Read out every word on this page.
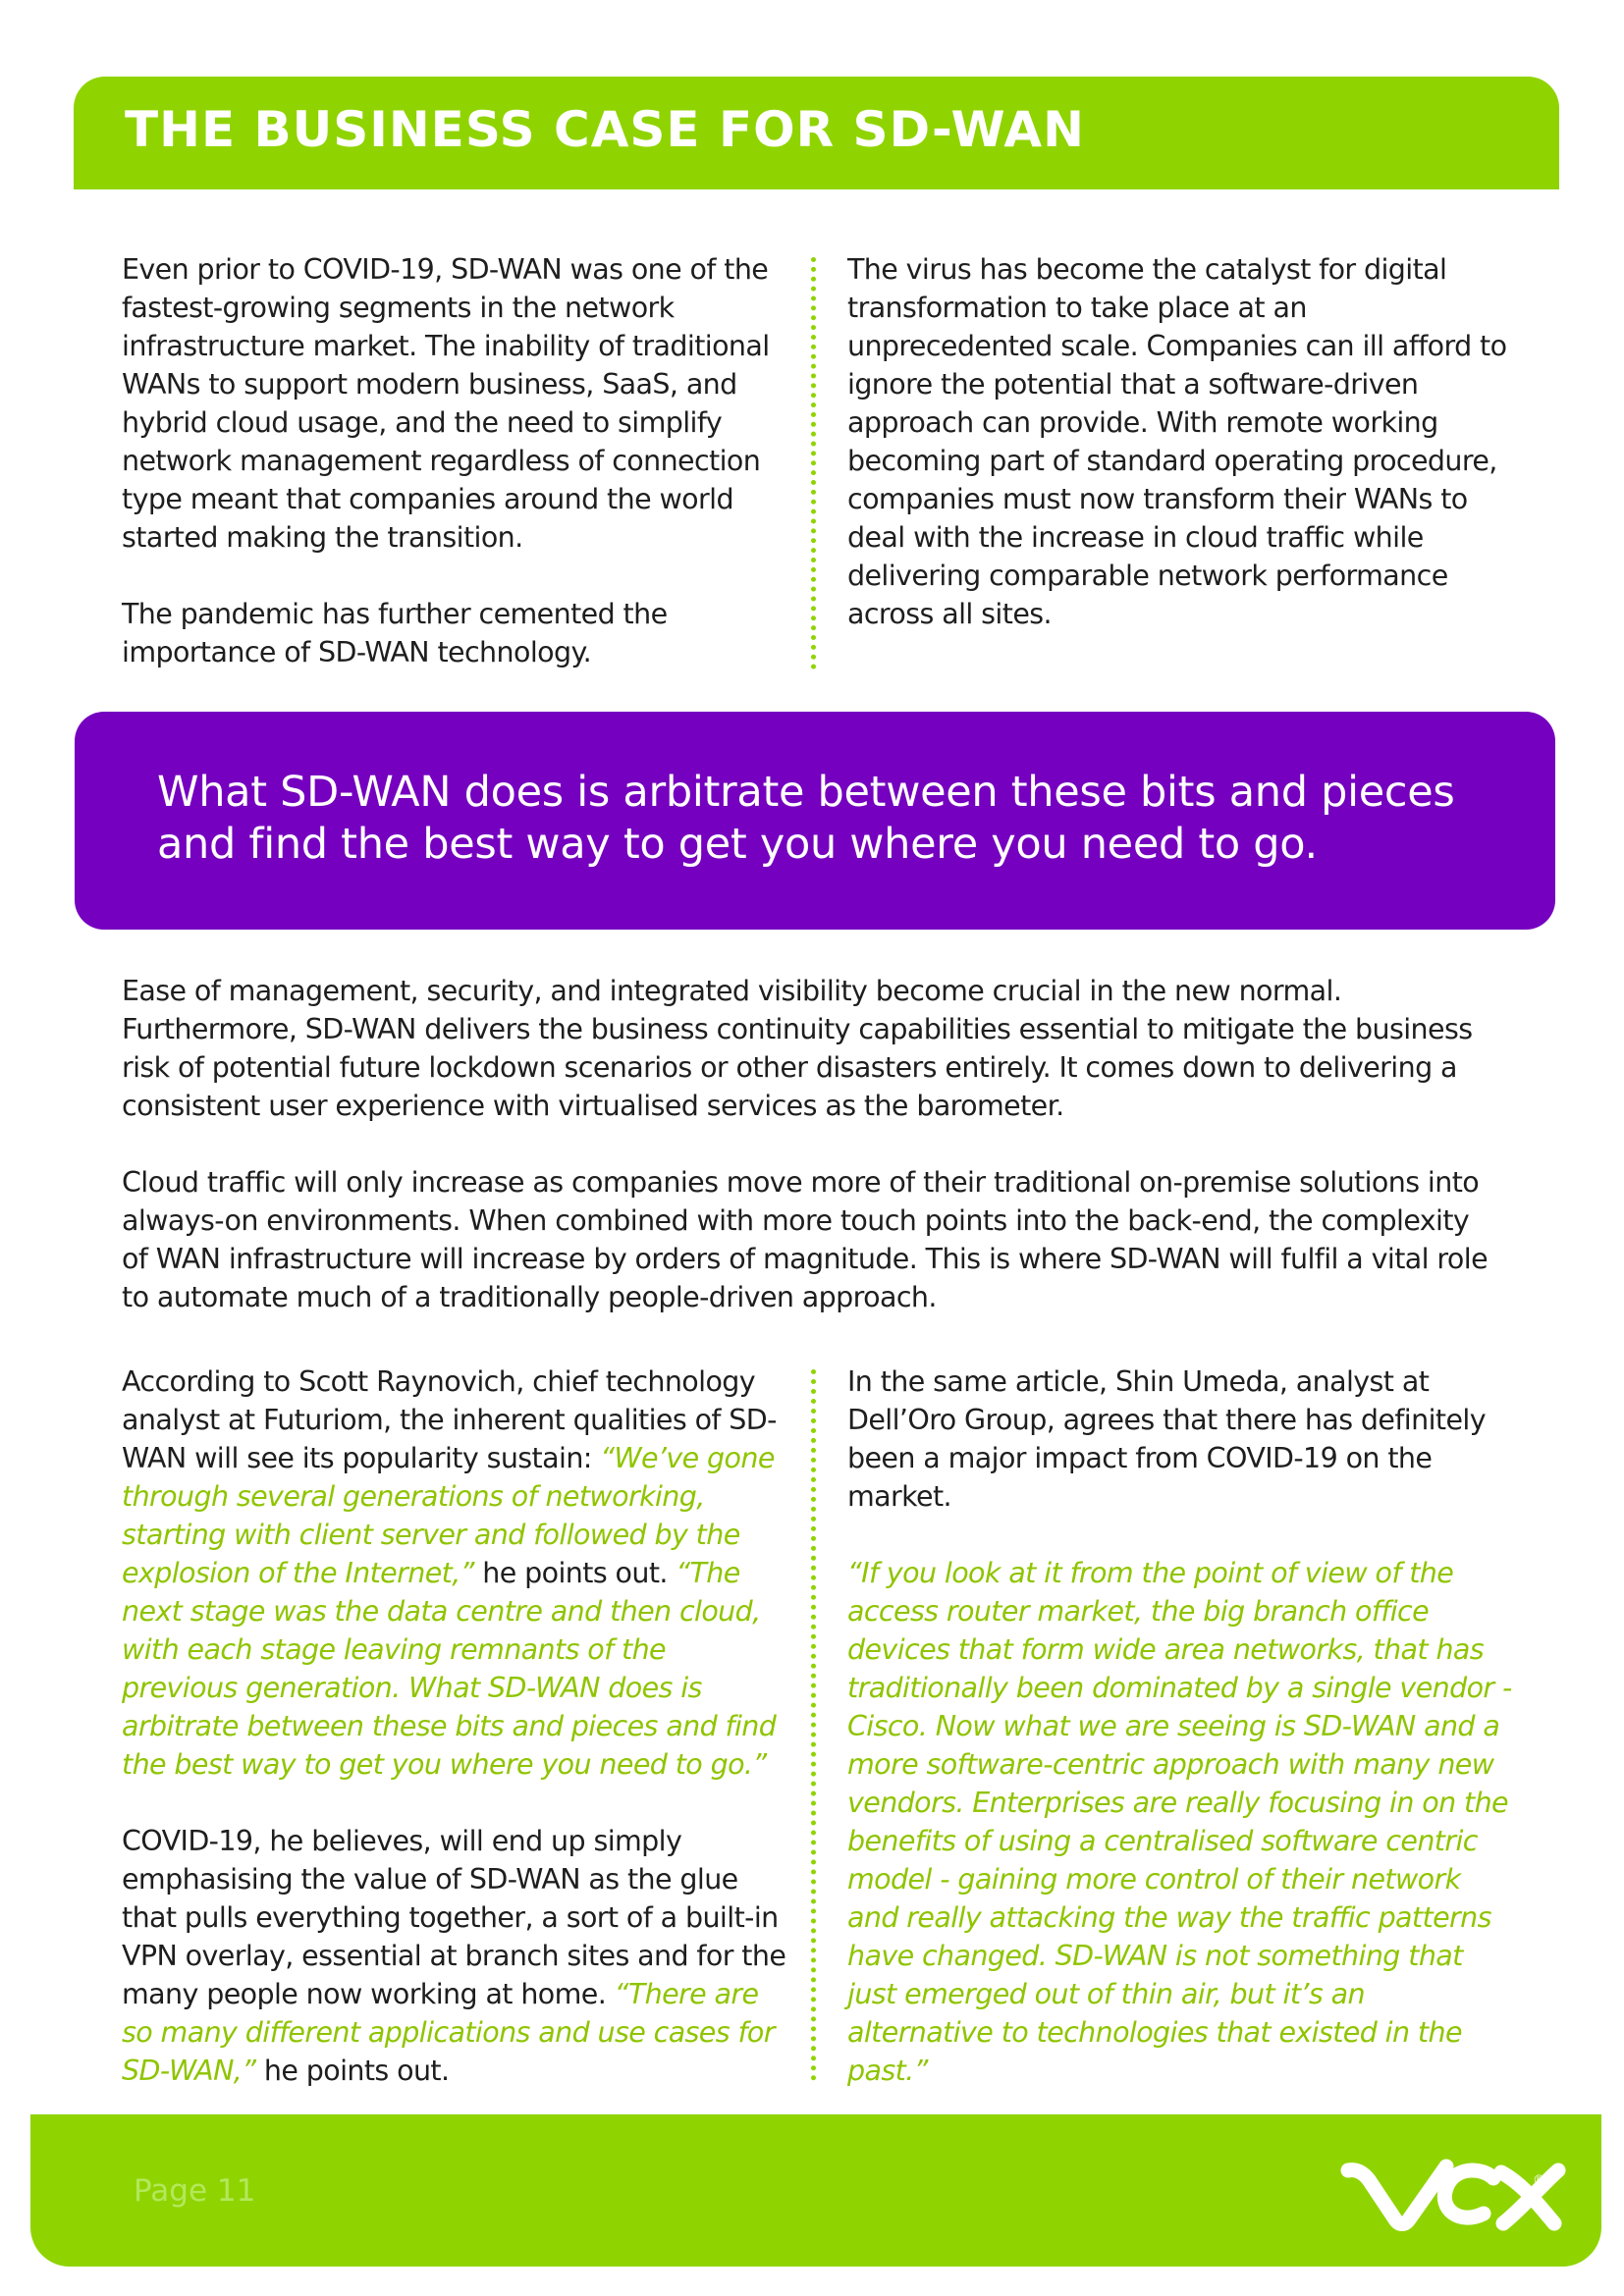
THE BUSINESS CASE FOR SD-WAN

Even prior to COVID-19, SD-WAN was one of the fastest-growing segments in the network infrastructure market. The inability of traditional WANs to support modern business, SaaS, and hybrid cloud usage, and the need to simplify network management regardless of connection type meant that companies around the world started making the transition.

The pandemic has further cemented the importance of SD-WAN technology.

The virus has become the catalyst for digital transformation to take place at an unprecedented scale. Companies can ill afford to ignore the potential that a software-driven approach can provide. With remote working becoming part of standard operating procedure, companies must now transform their WANs to deal with the increase in cloud traffic while delivering comparable network performance across all sites.

What SD-WAN does is arbitrate between these bits and pieces
and find the best way to get you where you need to go.

Ease of management, security, and integrated visibility become crucial in the new normal. Furthermore, SD-WAN delivers the business continuity capabilities essential to mitigate the business risk of potential future lockdown scenarios or other disasters entirely. It comes down to delivering a consistent user experience with virtualised services as the barometer.

Cloud traffic will only increase as companies move more of their traditional on-premise solutions into always-on environments. When combined with more touch points into the back-end, the complexity of WAN infrastructure will increase by orders of magnitude. This is where SD-WAN will fulfil a vital role to automate much of a traditionally people-driven approach.

According to Scott Raynovich, chief technology analyst at Futuriom, the inherent qualities of SD-WAN will see its popularity sustain: “We’ve gone through several generations of networking, starting with client server and followed by the explosion of the Internet,” he points out. “The next stage was the data centre and then cloud, with each stage leaving remnants of the previous generation. What SD-WAN does is arbitrate between these bits and pieces and find the best way to get you where you need to go.”

COVID-19, he believes, will end up simply emphasising the value of SD-WAN as the glue that pulls everything together, a sort of a built-in VPN overlay, essential at branch sites and for the many people now working at home. “There are so many different applications and use cases for SD-WAN,” he points out.

In the same article, Shin Umeda, analyst at Dell’Oro Group, agrees that there has definitely been a major impact from COVID-19 on the market.

“If you look at it from the point of view of the access router market, the big branch office devices that form wide area networks, that has traditionally been dominated by a single vendor - Cisco. Now what we are seeing is SD-WAN and a more software-centric approach with many new vendors. Enterprises are really focusing in on the benefits of using a centralised software centric model - gaining more control of their network and really attacking the way the traffic patterns have changed. SD-WAN is not something that just emerged out of thin air, but it’s an alternative to technologies that existed in the past.”

Page 11	®
